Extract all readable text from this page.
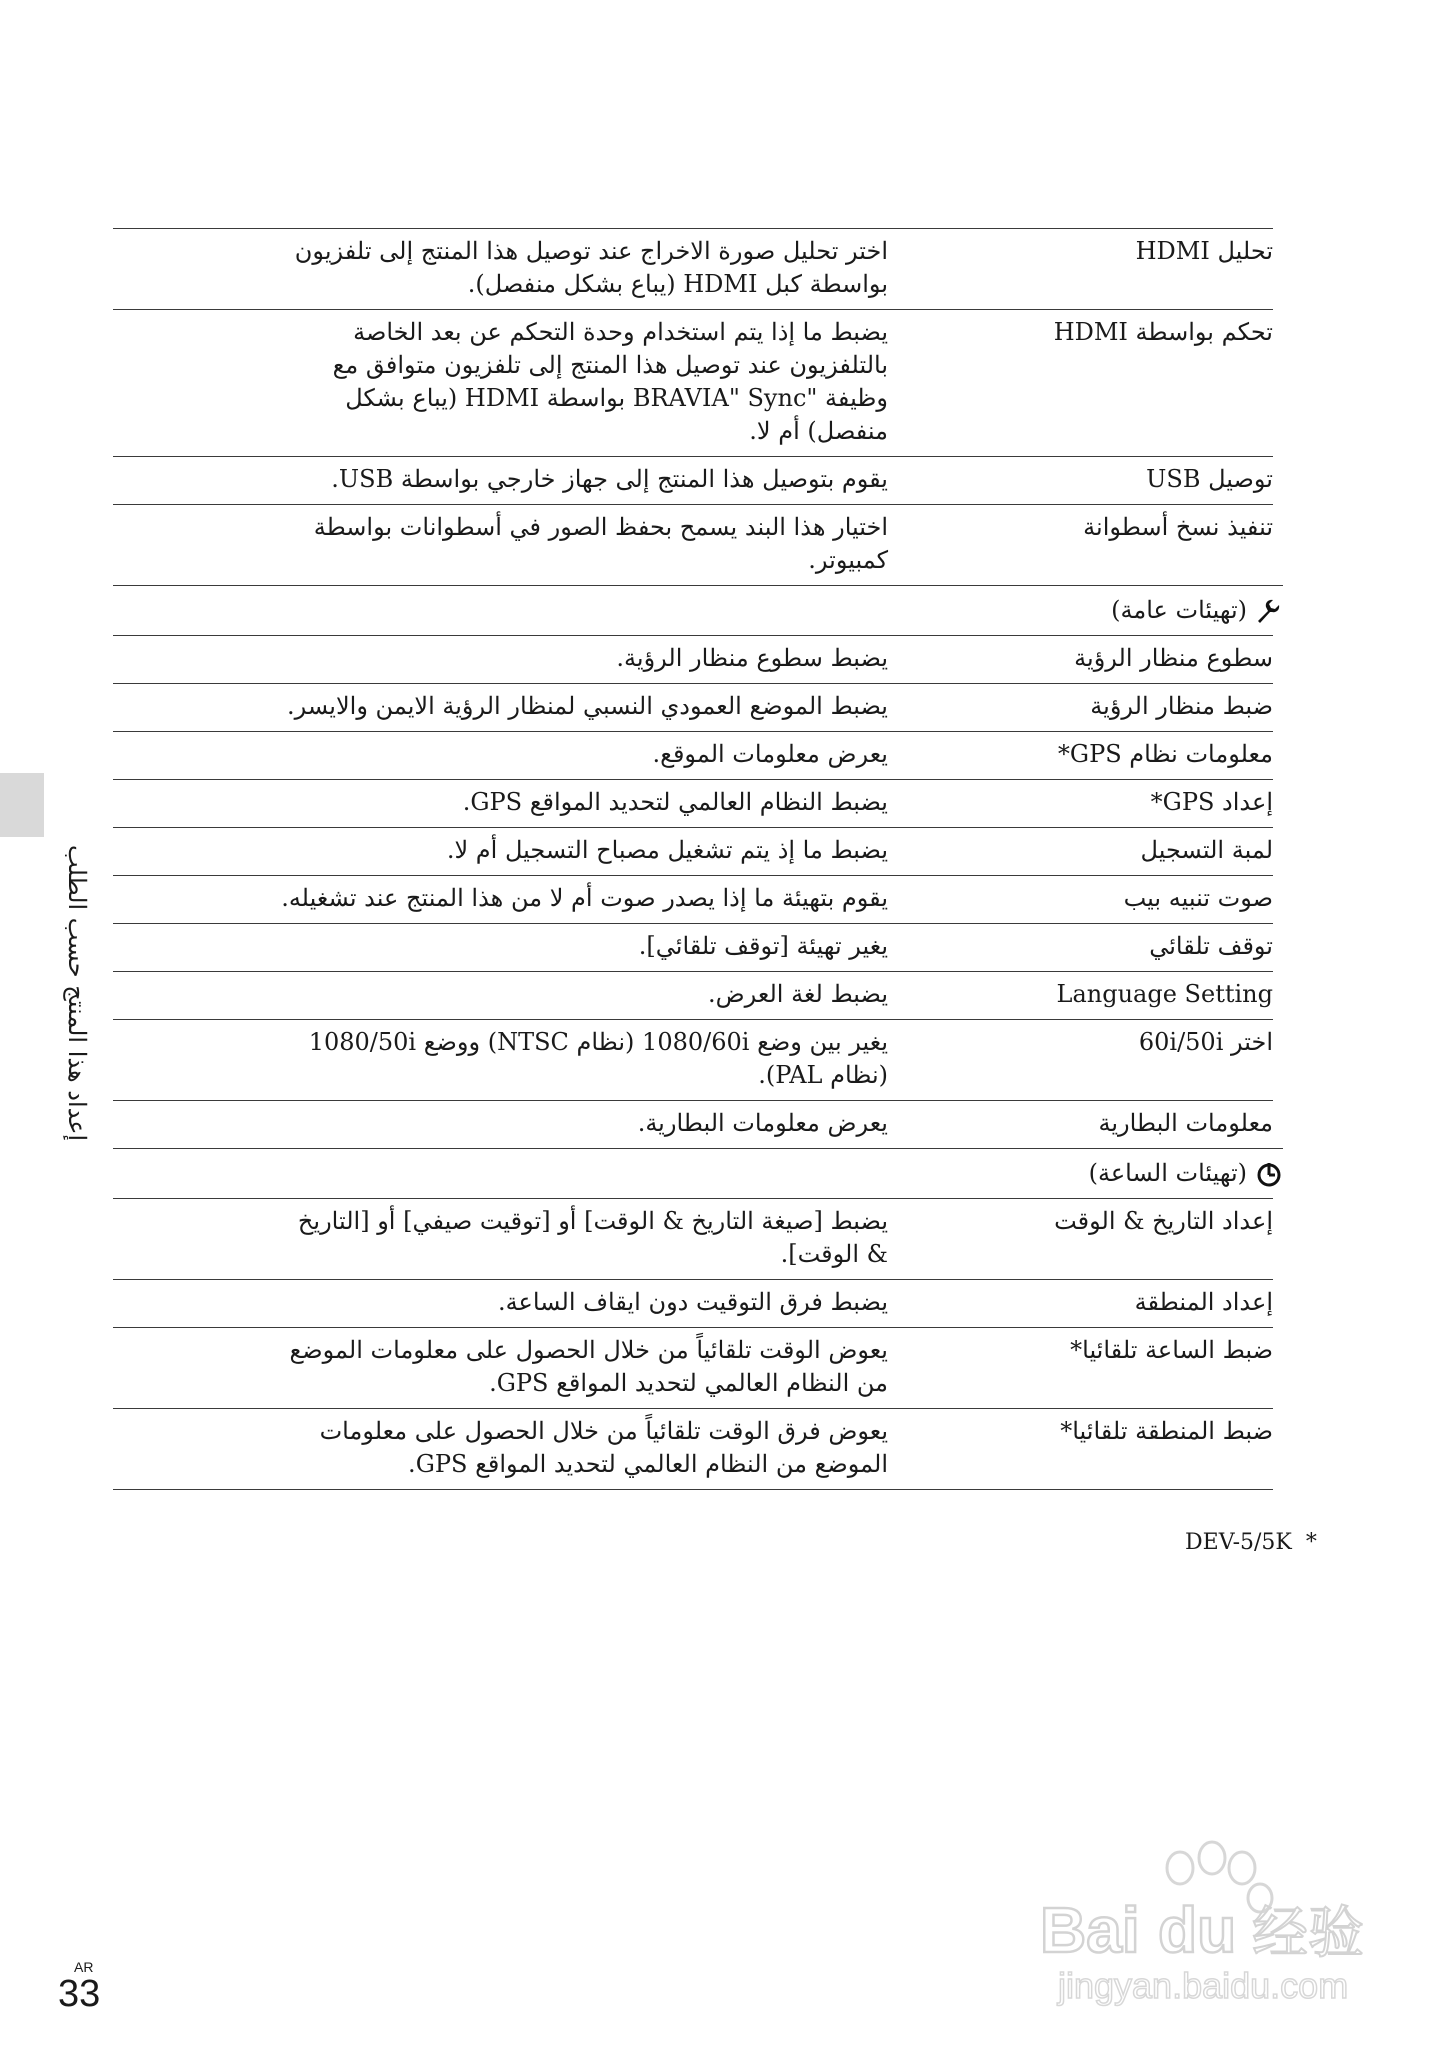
إعداد هذا المنتج حسب الطلب
تحليل HDMI
اختر تحليل صورة الاخراج عند توصيل هذا المنتج إلى تلفزيون بواسطة كبل HDMI (يباع بشكل منفصل).
تحكم بواسطة HDMI
يضبط ما إذا يتم استخدام وحدة التحكم عن بعد الخاصة بالتلفزيون عند توصيل هذا المنتج إلى تلفزيون متوافق مع وظيفة "BRAVIA" Sync بواسطة HDMI (يباع بشكل منفصل) أم لا.
توصيل USB
يقوم بتوصيل هذا المنتج إلى جهاز خارجي بواسطة USB.
تنفيذ نسخ أسطوانة
اختيار هذا البند يسمح بحفظ الصور في أسطوانات بواسطة كمبيوتر.
(تهيئات عامة)
سطوع منظار الرؤية
يضبط سطوع منظار الرؤية.
ضبط منظار الرؤية
يضبط الموضع العمودي النسبي لمنظار الرؤية الايمن والايسر.
معلومات نظام GPS*
يعرض معلومات الموقع.
إعداد GPS*
يضبط النظام العالمي لتحديد المواقع GPS.
لمبة التسجيل
يضبط ما إذ يتم تشغيل مصباح التسجيل أم لا.
صوت تنبيه بيب
يقوم بتهيئة ما إذا يصدر صوت أم لا من هذا المنتج عند تشغيله.
توقف تلقائي
يغير تهيئة [توقف تلقائي].
Language Setting
يضبط لغة العرض.
اختر 60i/50i
يغير بين وضع 1080/60i (نظام NTSC) ووضع 1080/50i (نظام PAL).
معلومات البطارية
يعرض معلومات البطارية.
(تهيئات الساعة)
إعداد التاريخ & الوقت
يضبط [صيغة التاريخ & الوقت] أو [توقيت صيفي] أو [التاريخ & الوقت].
إعداد المنطقة
يضبط فرق التوقيت دون ايقاف الساعة.
ضبط الساعة تلقائيا*
يعوض الوقت تلقائياً من خلال الحصول على معلومات الموضع من النظام العالمي لتحديد المواقع GPS.
ضبط المنطقة تلقائيا*
يعوض فرق الوقت تلقائياً من خلال الحصول على معلومات الموضع من النظام العالمي لتحديد المواقع GPS.
DEV-5/5K  *
AR
33
Bai du 经验
jingyan.baidu.com
